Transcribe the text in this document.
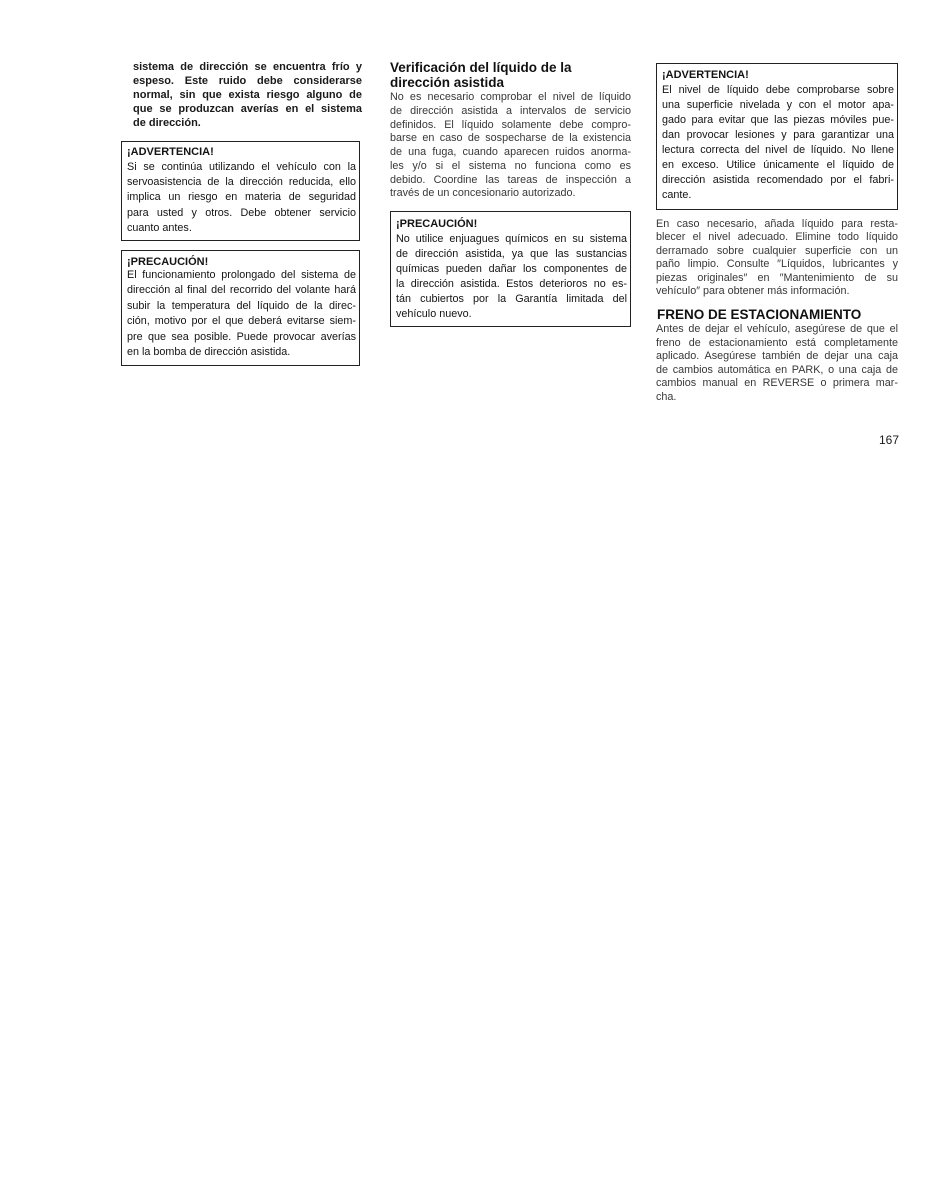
sistema de dirección se encuentra frío y
espeso. Este ruido debe considerarse
normal, sin que exista riesgo alguno de
que se produzcan averías en el sistema
de dirección.
¡ADVERTENCIA!
Si se continúa utilizando el vehículo con la
servoasistencia de la dirección reducida, ello
implica un riesgo en materia de seguridad
para usted y otros. Debe obtener servicio
cuanto antes.
¡PRECAUCIÓN!
El funcionamiento prolongado del sistema de
dirección al final del recorrido del volante hará
subir la temperatura del líquido de la direc-
ción, motivo por el que deberá evitarse siem-
pre que sea posible. Puede provocar averías
en la bomba de dirección asistida.
Verificación del líquido de la
dirección asistida
No es necesario comprobar el nivel de líquido
de dirección asistida a intervalos de servicio
definidos. El líquido solamente debe compro-
barse en caso de sospecharse de la existencia
de una fuga, cuando aparecen ruidos anorma-
les y/o si el sistema no funciona como es
debido. Coordine las tareas de inspección a
través de un concesionario autorizado.
¡PRECAUCIÓN!
No utilice enjuagues químicos en su sistema
de dirección asistida, ya que las sustancias
químicas pueden dañar los componentes de
la dirección asistida. Estos deterioros no es-
tán cubiertos por la Garantía limitada del
vehículo nuevo.
¡ADVERTENCIA!
El nivel de líquido debe comprobarse sobre
una superficie nivelada y con el motor apa-
gado para evitar que las piezas móviles pue-
dan provocar lesiones y para garantizar una
lectura correcta del nivel de líquido. No llene
en exceso. Utilice únicamente el líquido de
dirección asistida recomendado por el fabri-
cante.
En caso necesario, añada líquido para resta-
blecer el nivel adecuado. Elimine todo líquido
derramado sobre cualquier superficie con un
paño limpio. Consulte ″Líquidos, lubricantes y
piezas originales″ en ″Mantenimiento de su
vehículo″ para obtener más información.
FRENO DE ESTACIONAMIENTO
Antes de dejar el vehículo, asegúrese de que el
freno de estacionamiento está completamente
aplicado. Asegúrese también de dejar una caja
de cambios automática en PARK, o una caja de
cambios manual en REVERSE o primera mar-
cha.
167
